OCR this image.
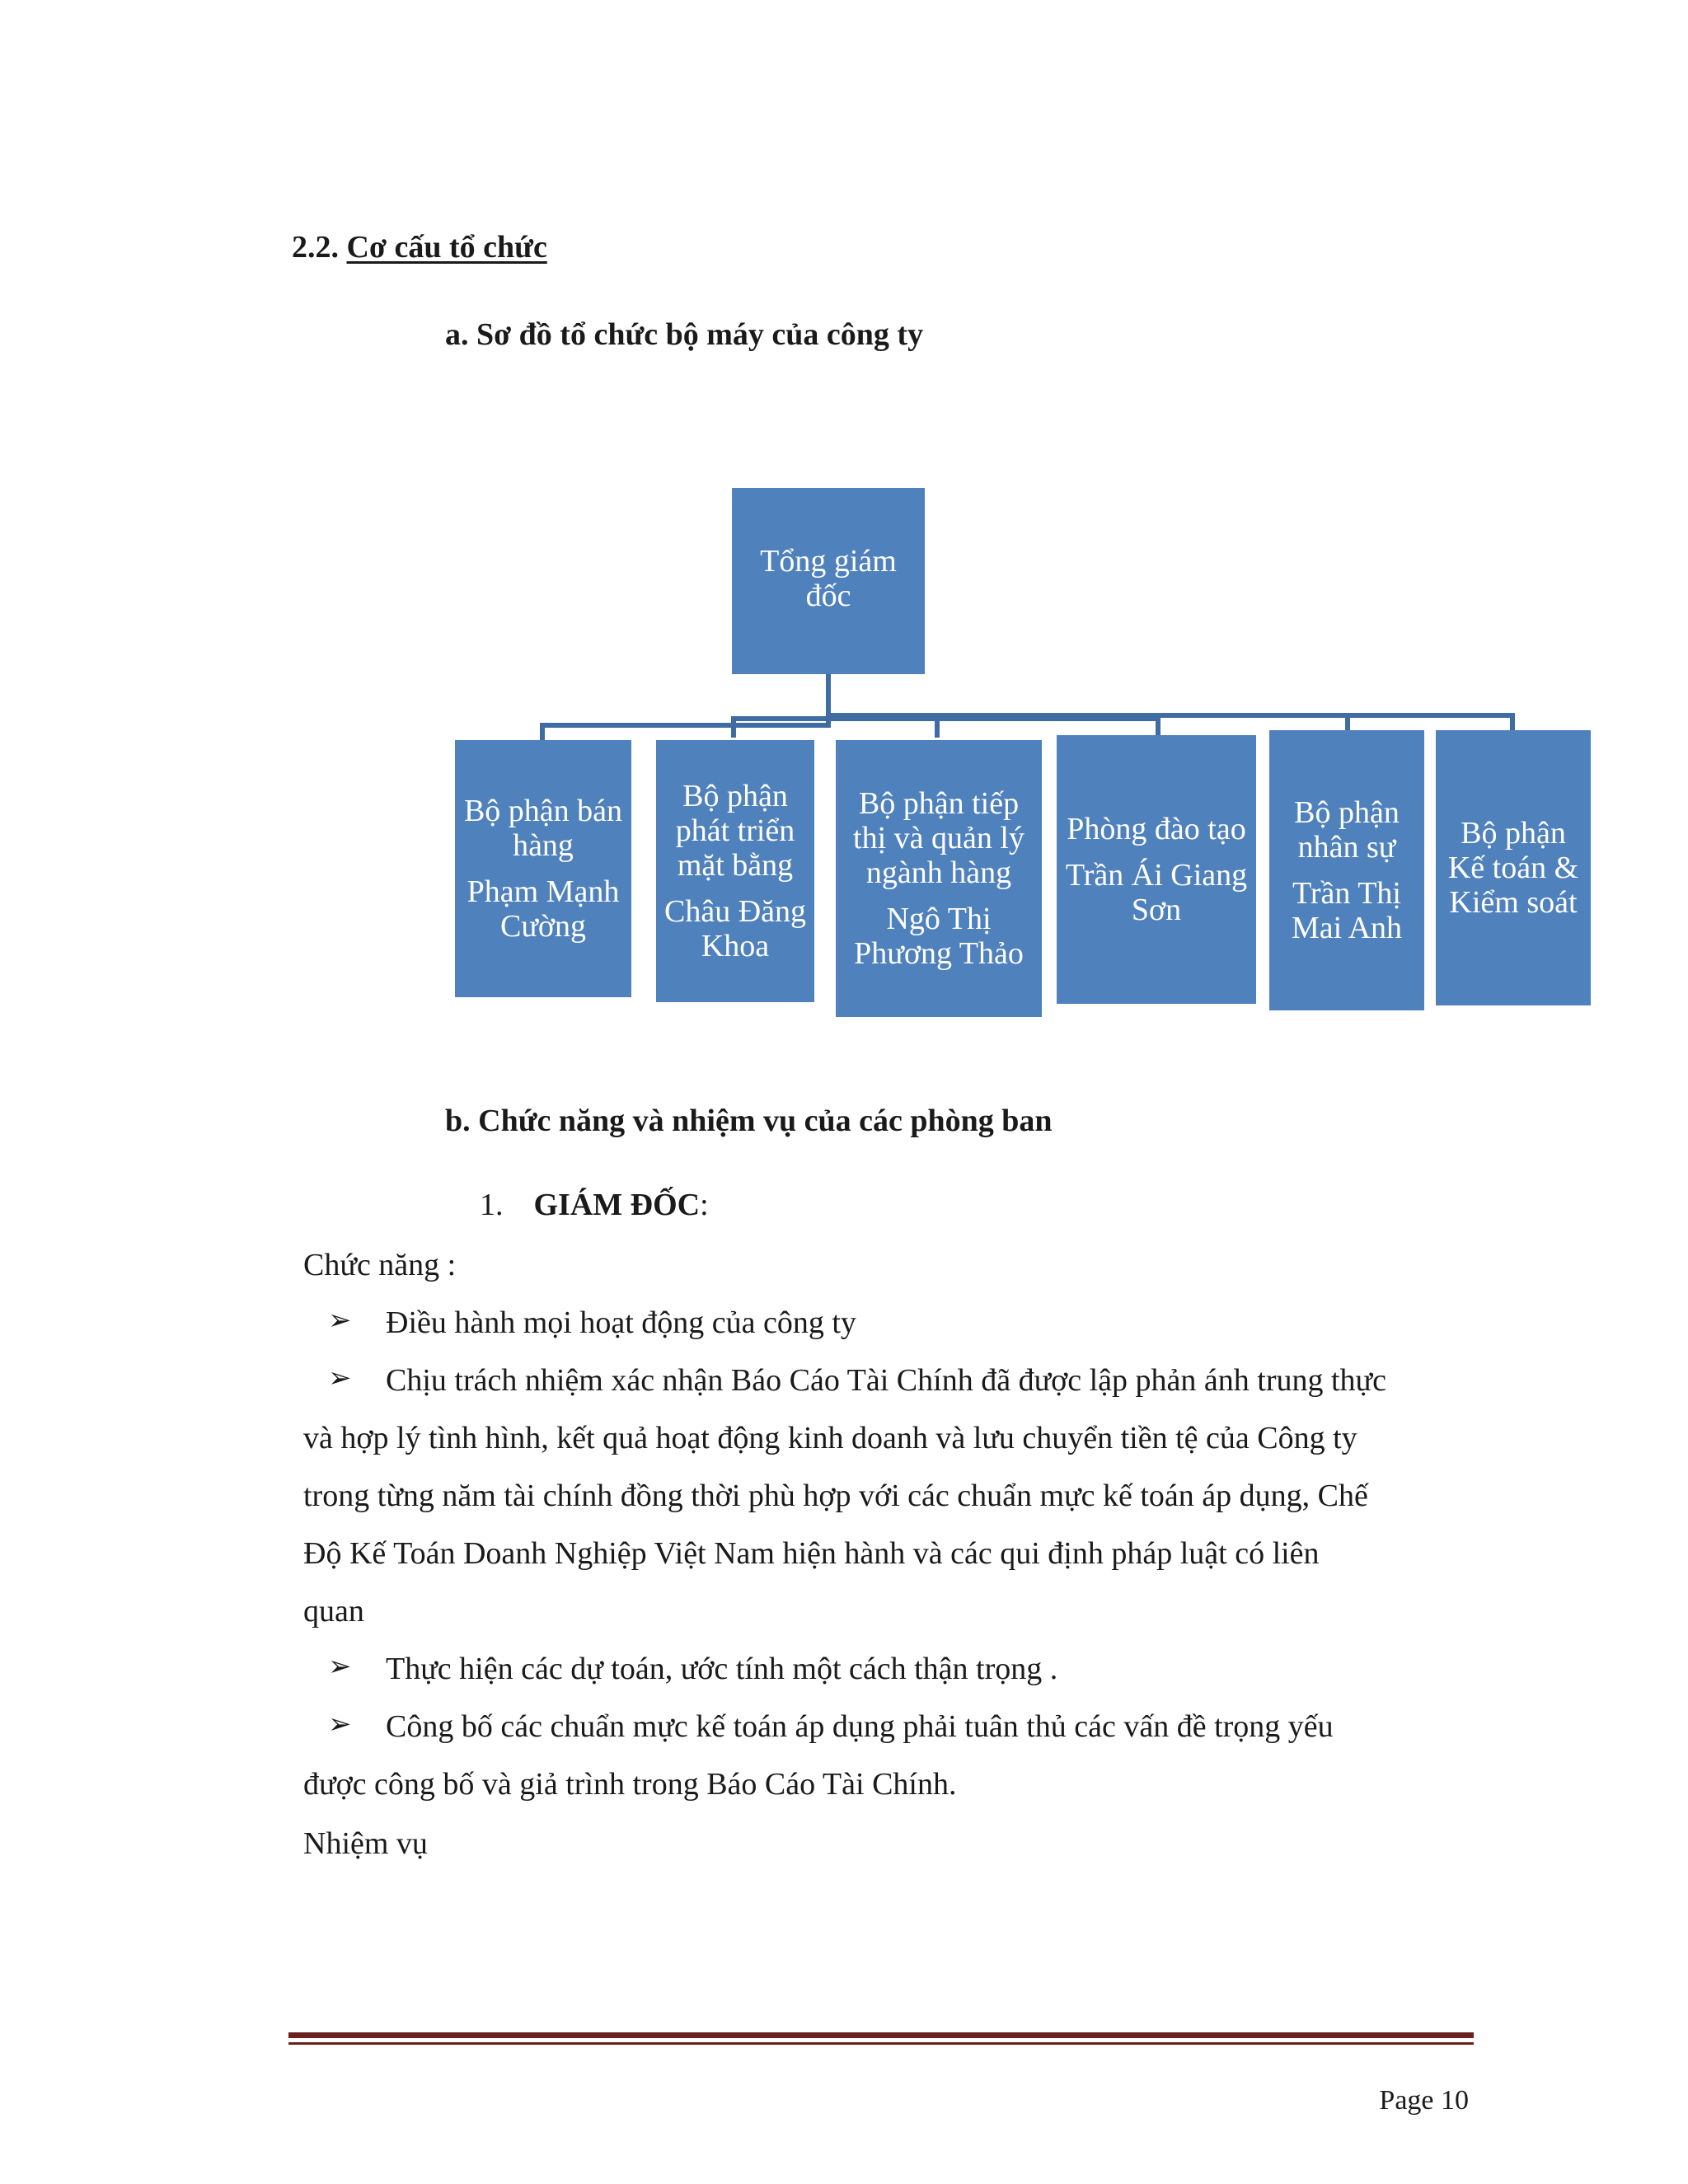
2.2. Cơ cấu tổ chức
a. Sơ đồ tổ chức bộ máy của công ty
Tổng giám đốc
Bộ phận bán hàng
Phạm Mạnh Cường
Bộ phận phát triển mặt bằng
Châu Đăng Khoa
Bộ phận tiếp thị và quản lý ngành hàng
Ngô Thị Phương Thảo
Phòng đào tạo
Trần Ái Giang Sơn
Bộ phận nhân sự
Trần Thị Mai Anh
Bộ phận Kế toán & Kiểm soát
b. Chức năng và nhiệm vụ của các phòng ban
1. GIÁM ĐỐC:
Chức năng :
➢ Điều hành mọi hoạt động của công ty
➢ Chịu trách nhiệm xác nhận Báo Cáo Tài Chính đã được lập phản ánh trung thực
và hợp lý tình hình, kết quả hoạt động kinh doanh và lưu chuyển tiền tệ của Công ty
trong từng năm tài chính đồng thời phù hợp với các chuẩn mực kế toán áp dụng, Chế
Độ Kế Toán Doanh Nghiệp Việt Nam hiện hành và các qui định pháp luật có liên
quan
➢ Thực hiện các dự toán, ước tính một cách thận trọng .
➢ Công bố các chuẩn mực kế toán áp dụng phải tuân thủ các vấn đề trọng yếu
được công bố và giả trình trong Báo Cáo Tài Chính.
Nhiệm vụ
Page 10
